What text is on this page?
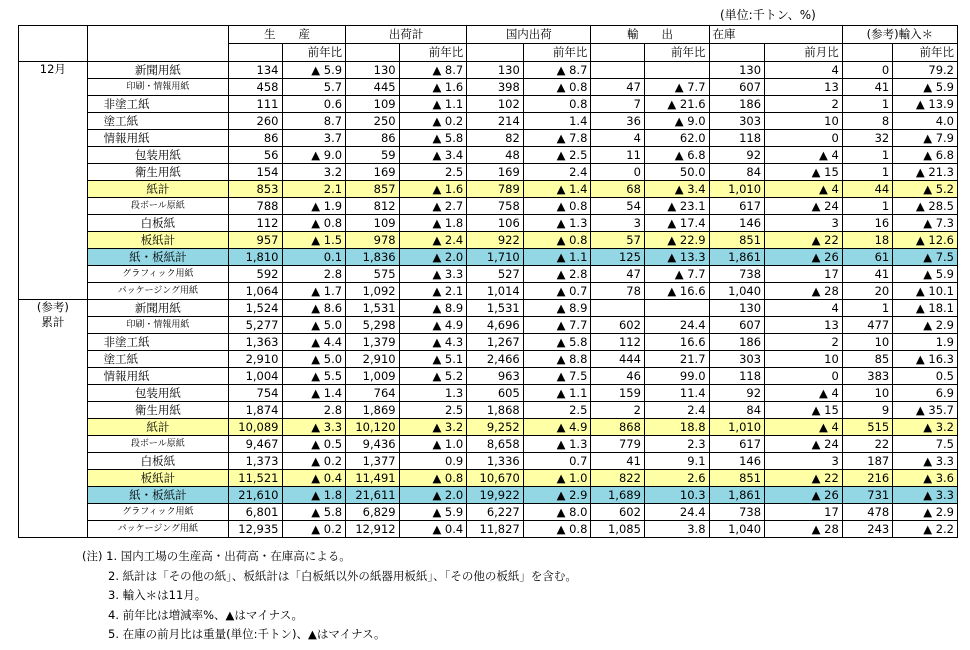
(単位:千トン、%)
		生　　産		出荷計		国内出荷		輸　　出		在庫		(参考)輸入＊	
			前年比		前年比		前年比		前年比		前月比		前年比

12月	新聞用紙	134	▲ 5.9	130	▲ 8.7	130	▲ 8.7			130	4	0	79.2
	印刷・情報用紙	458	5.7	445	▲ 1.6	398	▲ 0.8	47	▲ 7.7	607	13	41	▲ 5.9
	非塗工紙	111	0.6	109	▲ 1.1	102	0.8	7	▲ 21.6	186	2	1	▲ 13.9
	塗工紙	260	8.7	250	▲ 0.2	214	1.4	36	▲ 9.0	303	10	8	4.0
	情報用紙	86	3.7	86	▲ 5.8	82	▲ 7.8	4	62.0	118	0	32	▲ 7.9
	包装用紙	56	▲ 9.0	59	▲ 3.4	48	▲ 2.5	11	▲ 6.8	92	▲ 4	1	▲ 6.8
	衛生用紙	154	3.2	169	2.5	169	2.4	0	50.0	84	▲ 15	1	▲ 21.3
	紙計	853	2.1	857	▲ 1.6	789	▲ 1.4	68	▲ 3.4	1,010	▲ 4	44	▲ 5.2
	段ボール原紙	788	▲ 1.9	812	▲ 2.7	758	▲ 0.8	54	▲ 23.1	617	▲ 24	1	▲ 28.5
	白板紙	112	▲ 0.8	109	▲ 1.8	106	▲ 1.3	3	▲ 17.4	146	3	16	▲ 7.3
	板紙計	957	▲ 1.5	978	▲ 2.4	922	▲ 0.8	57	▲ 22.9	851	▲ 22	18	▲ 12.6
	紙・板紙計	1,810	0.1	1,836	▲ 2.0	1,710	▲ 1.1	125	▲ 13.3	1,861	▲ 26	61	▲ 7.5
	グラフィック用紙	592	2.8	575	▲ 3.3	527	▲ 2.8	47	▲ 7.7	738	17	41	▲ 5.9
	パッケージング用紙	1,064	▲ 1.7	1,092	▲ 2.1	1,014	▲ 0.7	78	▲ 16.6	1,040	▲ 28	20	▲ 10.1

(参考)
累計	新聞用紙	1,524	▲ 8.6	1,531	▲ 8.9	1,531	▲ 8.9			130	4	1	▲ 18.1
	印刷・情報用紙	5,277	▲ 5.0	5,298	▲ 4.9	4,696	▲ 7.7	602	24.4	607	13	477	▲ 2.9
	非塗工紙	1,363	▲ 4.4	1,379	▲ 4.3	1,267	▲ 5.8	112	16.6	186	2	10	1.9
	塗工紙	2,910	▲ 5.0	2,910	▲ 5.1	2,466	▲ 8.8	444	21.7	303	10	85	▲ 16.3
	情報用紙	1,004	▲ 5.5	1,009	▲ 5.2	963	▲ 7.5	46	99.0	118	0	383	0.5
	包装用紙	754	▲ 1.4	764	1.3	605	▲ 1.1	159	11.4	92	▲ 4	10	6.9
	衛生用紙	1,874	2.8	1,869	2.5	1,868	2.5	2	2.4	84	▲ 15	9	▲ 35.7
	紙計	10,089	▲ 3.3	10,120	▲ 3.2	9,252	▲ 4.9	868	18.8	1,010	▲ 4	515	▲ 3.2
	段ボール原紙	9,467	▲ 0.5	9,436	▲ 1.0	8,658	▲ 1.3	779	2.3	617	▲ 24	22	7.5
	白板紙	1,373	▲ 0.2	1,377	0.9	1,336	0.7	41	9.1	146	3	187	▲ 3.3
	板紙計	11,521	▲ 0.4	11,491	▲ 0.8	10,670	▲ 1.0	822	2.6	851	▲ 22	216	▲ 3.6
	紙・板紙計	21,610	▲ 1.8	21,611	▲ 2.0	19,922	▲ 2.9	1,689	10.3	1,861	▲ 26	731	▲ 3.3
	グラフィック用紙	6,801	▲ 5.8	6,829	▲ 5.9	6,227	▲ 8.0	602	24.4	738	17	478	▲ 2.9
	パッケージング用紙	12,935	▲ 0.2	12,912	▲ 0.4	11,827	▲ 0.8	1,085	3.8	1,040	▲ 28	243	▲ 2.2
(注) 1. 国内工場の生産高・出荷高・在庫高による。
2. 紙計は「その他の紙」、板紙計は「白板紙以外の紙器用板紙」、「その他の板紙」を含む。
3. 輸入＊は11月。
4. 前年比は増減率%、▲はマイナス。
5. 在庫の前月比は重量(単位:千トン)、▲はマイナス。
